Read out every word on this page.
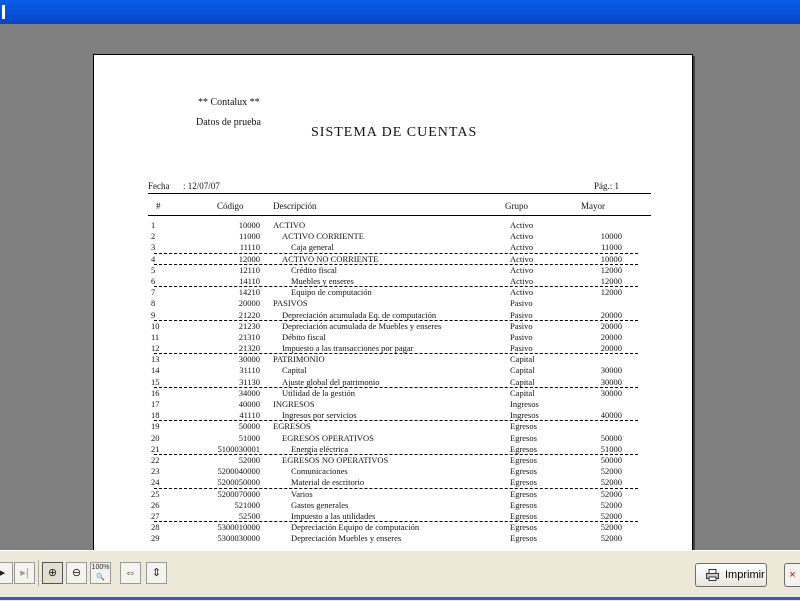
** Contalux **
Datos de prueba
SISTEMA DE CUENTAS
Fecha      : 12/07/07	Pág.: 1
#	Código	Descripción	Grupo	Mayor
1	10000 ACTIVO	Activo
2	11000	ACTIVO CORRIENTE	Activo	10000
3	11110	Caja general	Activo	11000
4	12000	ACTIVO NO CORRIENTE	Activo	10000
5	12110	Crédito fiscal	Activo	12000
6	14110	Muebles y enseres	Activo	12000
7	14210	Equipo de computación	Activo	12000
8	20000 PASIVOS	Pasivo
9	21220	Depreciación acumulada Eq. de computación	Pasivo	20000
10	21230	Depreciación acumulada de Muebles y enseres	Pasivo	20000
11	21310	Débito fiscal	Pasivo	20000
12	21320	Impuesto a las transacciones por pagar	Pasivo	20000
13	30000 PATRIMONIO	Capital
14	31110	Capital	Capital	30000
15	31130	Ajuste global del patrimonio	Capital	30000
16	34000	Utilidad de la gestión	Capital	30000
17	40000 INGRESOS	Ingresos
18	41110	Ingresos por servicios	Ingresos	40000
19	50000 EGRESOS	Egresos
20	51000	EGRESOS OPERATIVOS	Egresos	50000
21	5100030001	Energía eléctrica	Egresos	51000
22	52000	EGRESOS NO OPERATIVOS	Egresos	50000
23	5200040000	Comunicaciones	Egresos	52000
24	5200050000	Material de escritorio	Egresos	52000
25	5200070000	Varios	Egresos	52000
26	521000	Gastos generales	Egresos	52000
27	52500	Impuesto a las utilidades	Egresos	52000
28	5300010000	Depreciación Equipo de computación	Egresos	52000
29	5300030000	Depreciación Muebles y enseres	Egresos	52000
▸	▸|	⊕	⊖	100%
🔍	⇔	⇕	Imprimir	×
